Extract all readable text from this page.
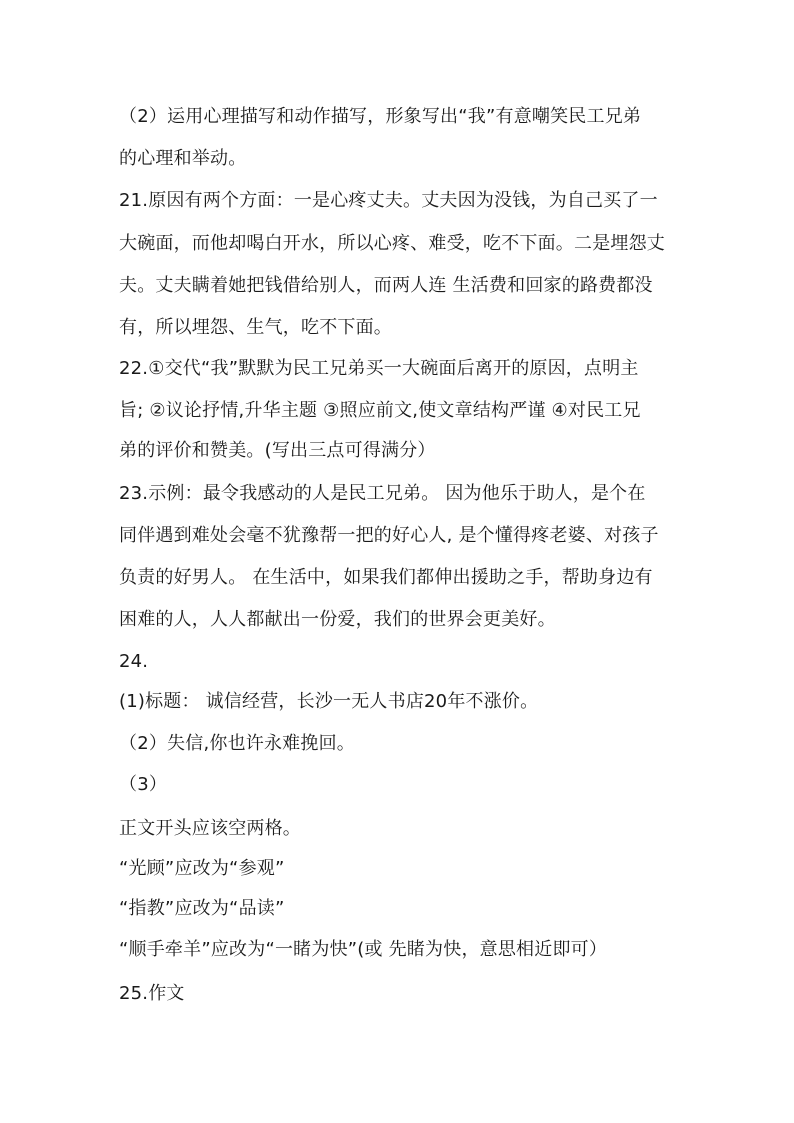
（2）运用心理描写和动作描写，形象写出“我”有意嘲笑民工兄弟
的心理和举动。
21.原因有两个方面：一是心疼丈夫。丈夫因为没钱，为自己买了一
大碗面，而他却喝白开水，所以心疼、难受，吃不下面。二是埋怨丈
夫。丈夫瞒着她把钱借给别人，而两人连 生活费和回家的路费都没
有，所以埋怨、生气，吃不下面。
22.①交代“我”默默为民工兄弟买一大碗面后离开的原因，点明主
旨; ②议论抒情,升华主题 ③照应前文,使文章结构严谨 ④对民工兄
弟的评价和赞美。(写出三点可得满分）
23.示例：最令我感动的人是民工兄弟。 因为他乐于助人，是个在
同伴遇到难处会毫不犹豫帮一把的好心人, 是个懂得疼老婆、对孩子
负责的好男人。 在生活中，如果我们都伸出援助之手，帮助身边有
困难的人，人人都献出一份爱，我们的世界会更美好。
24.
(1)标题： 诚信经营，长沙一无人书店20年不涨价。
（2）失信,你也许永难挽回。
（3）
正文开头应该空两格。
“光顾”应改为“参观”
“指教”应改为“品读”
“顺手牵羊”应改为“一睹为快”(或 先睹为快，意思相近即可）
25.作文
